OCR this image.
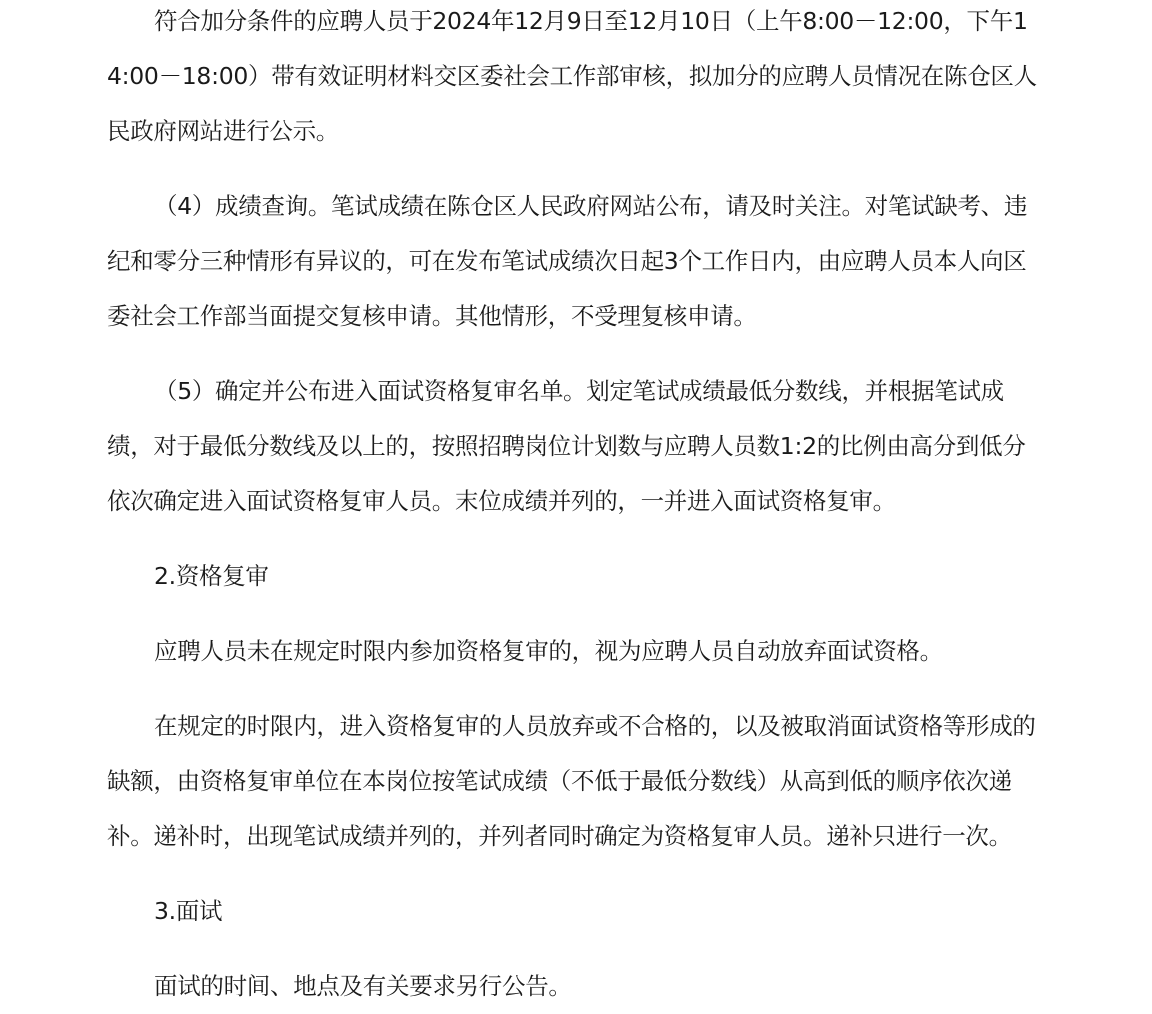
符合加分条件的应聘人员于2024年12月9日至12月10日（上午8:00－12:00，下午14:00－18:00）带有效证明材料交区委社会工作部审核，拟加分的应聘人员情况在陈仓区人民政府网站进行公示。

（4）成绩查询。笔试成绩在陈仓区人民政府网站公布，请及时关注。对笔试缺考、违纪和零分三种情形有异议的，可在发布笔试成绩次日起3个工作日内，由应聘人员本人向区委社会工作部当面提交复核申请。其他情形，不受理复核申请。

（5）确定并公布进入面试资格复审名单。划定笔试成绩最低分数线，并根据笔试成绩，对于最低分数线及以上的，按照招聘岗位计划数与应聘人员数1:2的比例由高分到低分依次确定进入面试资格复审人员。末位成绩并列的，一并进入面试资格复审。

2.资格复审

应聘人员未在规定时限内参加资格复审的，视为应聘人员自动放弃面试资格。

在规定的时限内，进入资格复审的人员放弃或不合格的，以及被取消面试资格等形成的缺额，由资格复审单位在本岗位按笔试成绩（不低于最低分数线）从高到低的顺序依次递补。递补时，出现笔试成绩并列的，并列者同时确定为资格复审人员。递补只进行一次。

3.面试

面试的时间、地点及有关要求另行公告。
